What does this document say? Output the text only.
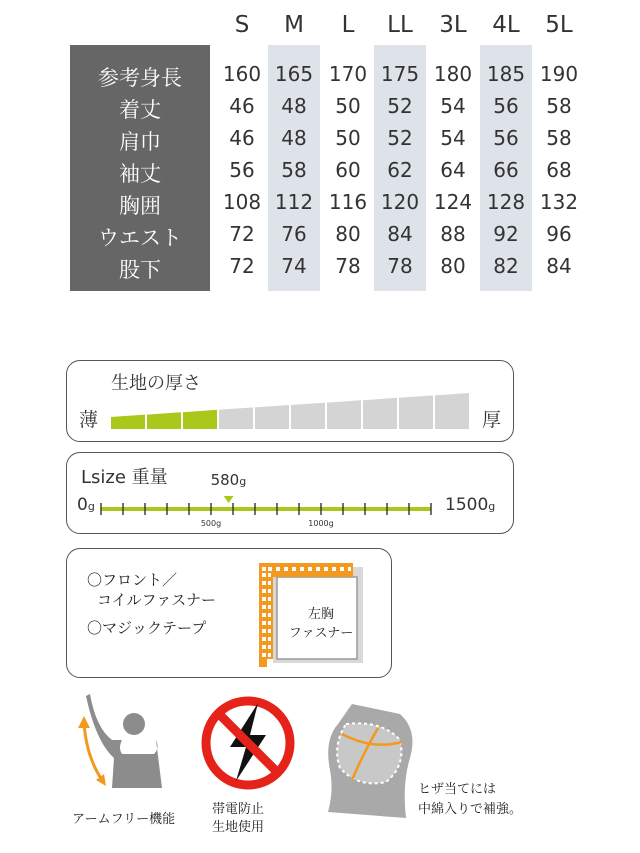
S	M	L	LL	3L	4L	5L
参考身長	160 165 170 175 180 185 190
着丈	46	48	50	52	54	56	58
肩巾	46	48	50	52	54	56	58
袖丈	56	58	60	62	64	66	68
胸囲	108 112 116 120 124 128 132
ウエスト	72	76	80	84	88	92	96
股下	72	74	78	78	80	82	84
生地の厚さ
薄	厚
Lsize 重量
0g	1500g
500g	1000g
580g
〇フロント／
コイルファスナー
〇マジックテープ
左胸
ファスナー
アームフリー機能
帯電防止
生地使用
ヒザ当てには
中綿入りで補強。
